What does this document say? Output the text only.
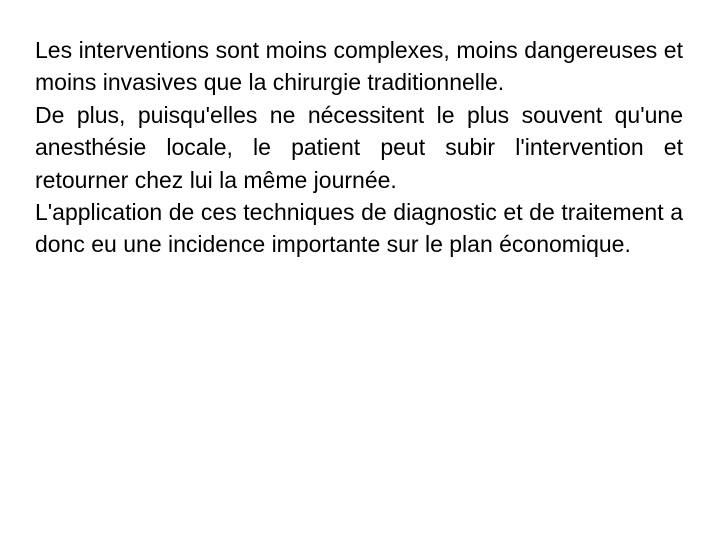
Les interventions sont moins complexes, moins dangereuses et moins invasives que la chirurgie traditionnelle.

De plus, puisqu'elles ne nécessitent le plus souvent qu'une anesthésie locale, le patient peut subir l'intervention et retourner chez lui la même journée.

L'application de ces techniques de diagnostic et de traitement a donc eu une incidence importante sur le plan économique.
